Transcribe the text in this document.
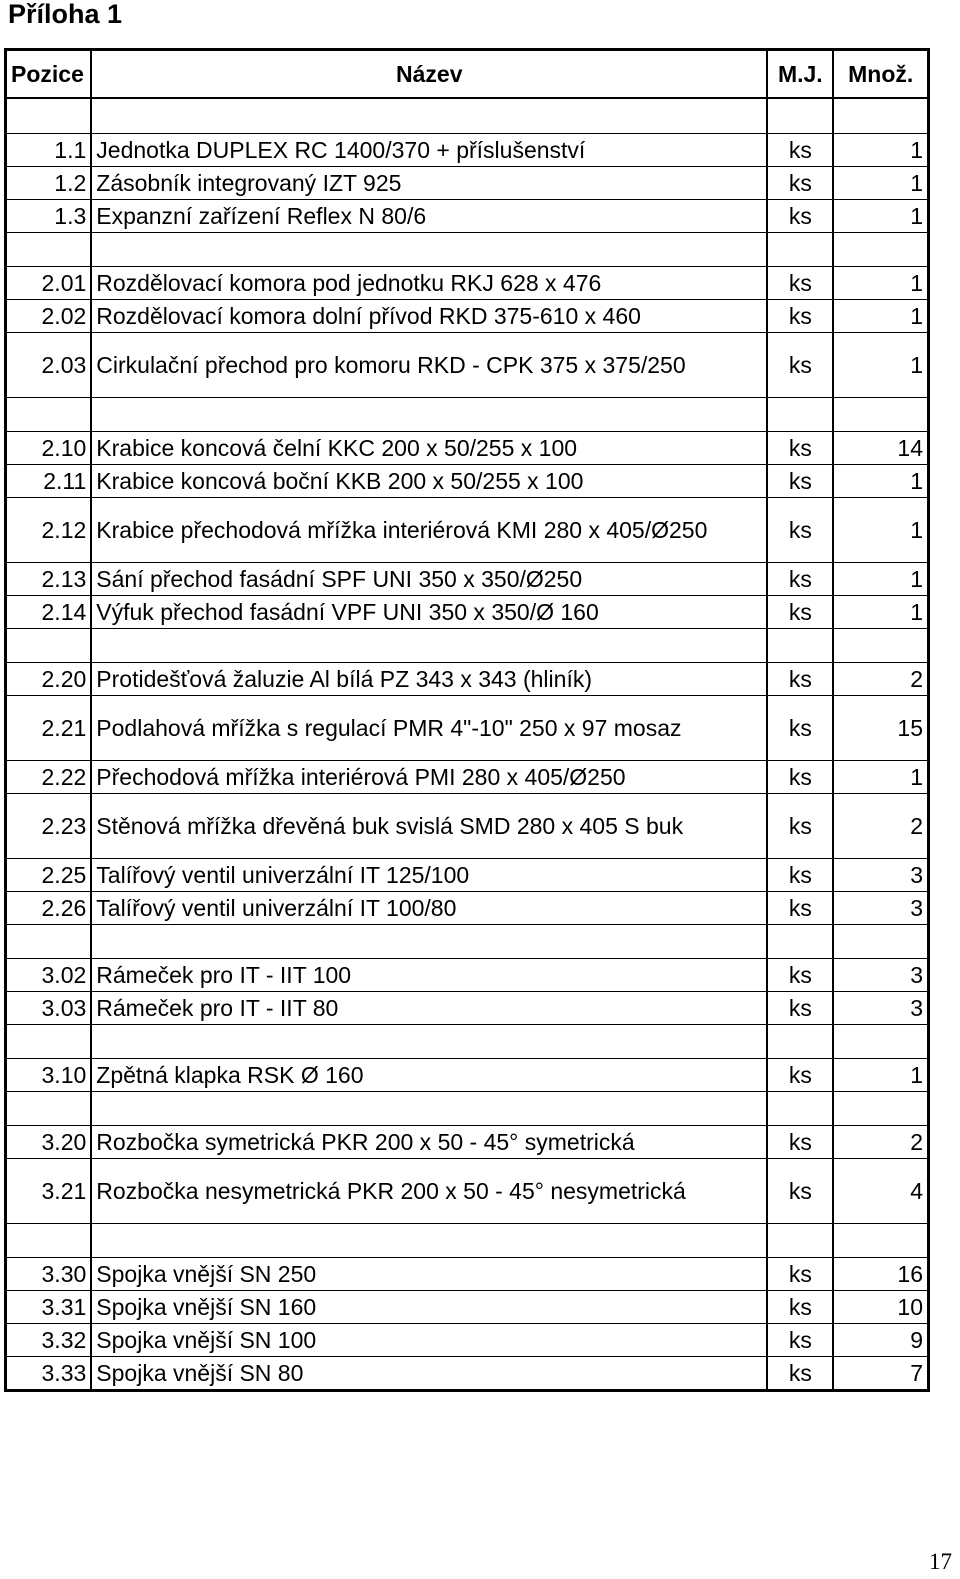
Příloha 1
Pozice	Název	M.J.	Množ.

1.1	Jednotka DUPLEX RC 1400/370 + příslušenství	ks	1
1.2	Zásobník integrovaný IZT 925	ks	1
1.3	Expanzní zařízení Reflex N 80/6	ks	1

2.01	Rozdělovací komora pod jednotku RKJ 628 x 476	ks	1
2.02	Rozdělovací komora dolní přívod RKD 375-610 x 460	ks	1
2.03	Cirkulační přechod pro komoru RKD - CPK 375 x 375/250	ks	1

2.10	Krabice koncová čelní KKC 200 x 50/255 x 100	ks	14
2.11	Krabice koncová boční KKB 200 x 50/255 x 100	ks	1
2.12	Krabice přechodová mřížka interiérová KMI 280 x 405/Ø250	ks	1
2.13	Sání přechod fasádní SPF UNI 350 x 350/Ø250	ks	1
2.14	Výfuk přechod fasádní VPF UNI 350 x 350/Ø 160	ks	1

2.20	Protidešťová žaluzie Al bílá PZ 343 x 343 (hliník)	ks	2
2.21	Podlahová mřížka s regulací PMR 4"-10" 250 x 97 mosaz	ks	15
2.22	Přechodová mřížka interiérová PMI 280 x 405/Ø250	ks	1
2.23	Stěnová mřížka dřevěná buk svislá SMD 280 x 405 S buk	ks	2
2.25	Talířový ventil univerzální IT 125/100	ks	3
2.26	Talířový ventil univerzální IT 100/80	ks	3

3.02	Rámeček pro IT - IIT 100	ks	3
3.03	Rámeček pro IT - IIT 80	ks	3

3.10	Zpětná klapka RSK Ø 160	ks	1

3.20	Rozbočka symetrická PKR 200 x 50 - 45° symetrická	ks	2
3.21	Rozbočka nesymetrická PKR 200 x 50 - 45° nesymetrická	ks	4

3.30	Spojka vnější SN 250	ks	16
3.31	Spojka vnější SN 160	ks	10
3.32	Spojka vnější SN 100	ks	9
3.33	Spojka vnější SN 80	ks	7
17
